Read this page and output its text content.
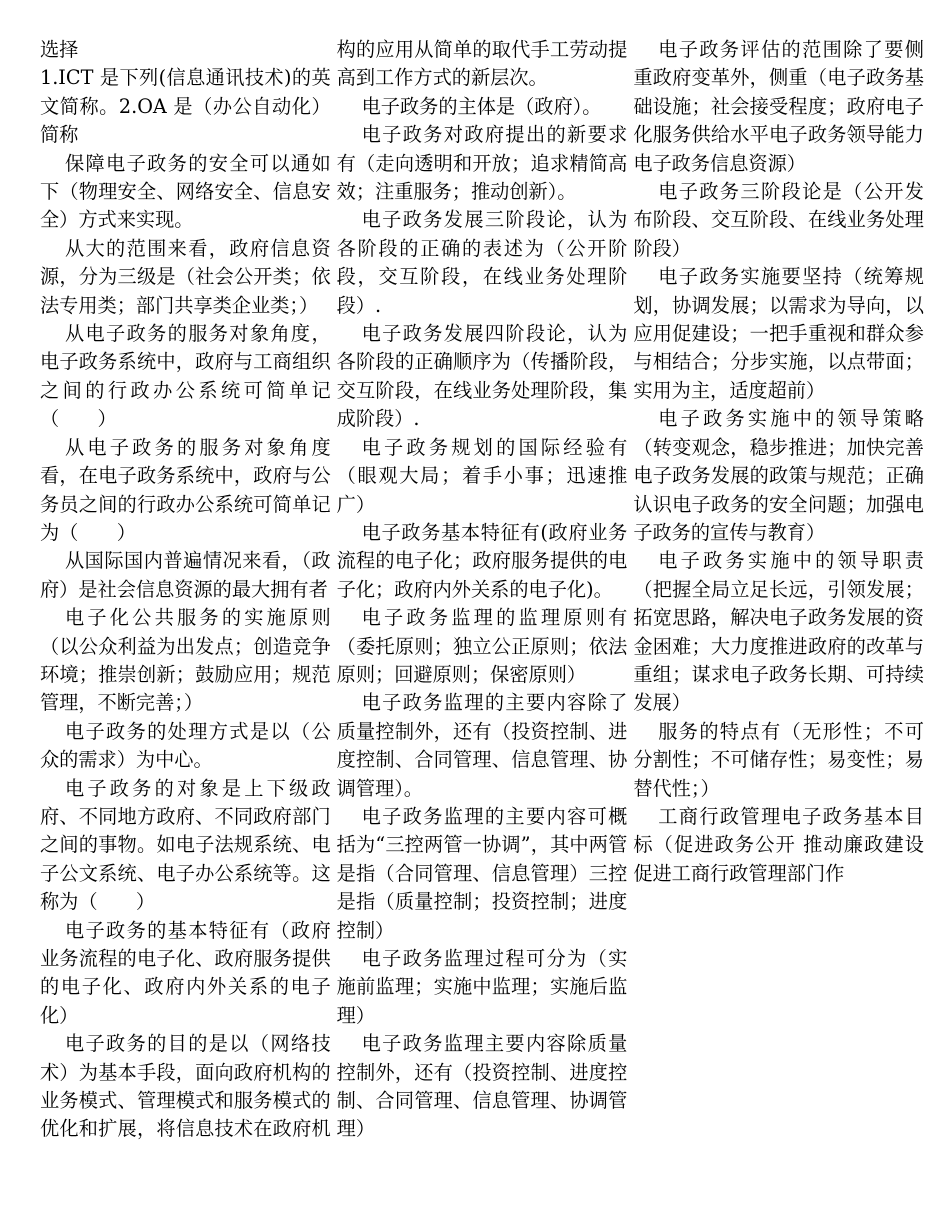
选择

1.ICT 是下列(信息通讯技术)的英文简称。2.OA 是（办公自动化）简称

保障电子政务的安全可以通如下（物理安全、网络安全、信息安全）方式来实现。

从大的范围来看，政府信息资源，分为三级是（社会公开类；依法专用类；部门共享类企业类；）

从电子政务的服务对象角度，电子政务系统中，政府与工商组织之间的行政办公系统可简单记（　　）

从电子政务的服务对象角度看，在电子政务系统中，政府与公务员之间的行政办公系统可简单记为（　　）

从国际国内普遍情况来看，（政府）是社会信息资源的最大拥有者

电子化公共服务的实施原则（以公众利益为出发点；创造竞争环境；推崇创新；鼓励应用；规范管理，不断完善；）

电子政务的处理方式是以（公众的需求）为中心。

电子政务的对象是上下级政府、不同地方政府、不同政府部门之间的事物。如电子法规系统、电子公文系统、电子办公系统等。这称为（　　）

电子政务的基本特征有（政府业务流程的电子化、政府服务提供的电子化、政府内外关系的电子化）

电子政务的目的是以（网络技术）为基本手段，面向政府机构的业务模式、管理模式和服务模式的优化和扩展，将信息技术在政府机构的应用从简单的取代手工劳动提高到工作方式的新层次。

电子政务的主体是（政府）。

电子政务对政府提出的新要求有（走向透明和开放；追求精简高效；注重服务；推动创新）。

电子政务发展三阶段论，认为各阶段的正确的表述为（公开阶段，交互阶段，在线业务处理阶段）.

电子政务发展四阶段论，认为各阶段的正确顺序为（传播阶段，交互阶段，在线业务处理阶段，集成阶段）.

电子政务规划的国际经验有（眼观大局；着手小事；迅速推广）

电子政务基本特征有(政府业务流程的电子化；政府服务提供的电子化；政府内外关系的电子化)。

电子政务监理的监理原则有（委托原则；独立公正原则；依法原则；回避原则；保密原则）

电子政务监理的主要内容除了质量控制外，还有（投资控制、进度控制、合同管理、信息管理、协调管理）。

电子政务监理的主要内容可概括为“三控两管一协调”，其中两管是指（合同管理、信息管理）三控是指（质量控制；投资控制；进度控制）

电子政务监理过程可分为（实施前监理；实施中监理；实施后监理）

电子政务监理主要内容除质量控制外，还有（投资控制、进度控制、合同管理、信息管理、协调管理）

电子政务评估的范围除了要侧重政府变革外，侧重（电子政务基础设施；社会接受程度；政府电子化服务供给水平电子政务领导能力 电子政务信息资源）

电子政务三阶段论是（公开发布阶段、交互阶段、在线业务处理阶段）

电子政务实施要坚持（统筹规划，协调发展；以需求为导向，以应用促建设；一把手重视和群众参与相结合；分步实施，以点带面；实用为主，适度超前）

电子政务实施中的领导策略（转变观念，稳步推进；加快完善电子政务发展的政策与规范；正确认识电子政务的安全问题；加强电子政务的宣传与教育）

电子政务实施中的领导职责（把握全局立足长远，引领发展；拓宽思路，解决电子政务发展的资金困难；大力度推进政府的改革与重组；谋求电子政务长期、可持续发展）

服务的特点有（无形性；不可分割性；不可储存性；易变性；易替代性；）

工商行政管理电子政务基本目标（促进政务公开 推动廉政建设 促进工商行政管理部门作
